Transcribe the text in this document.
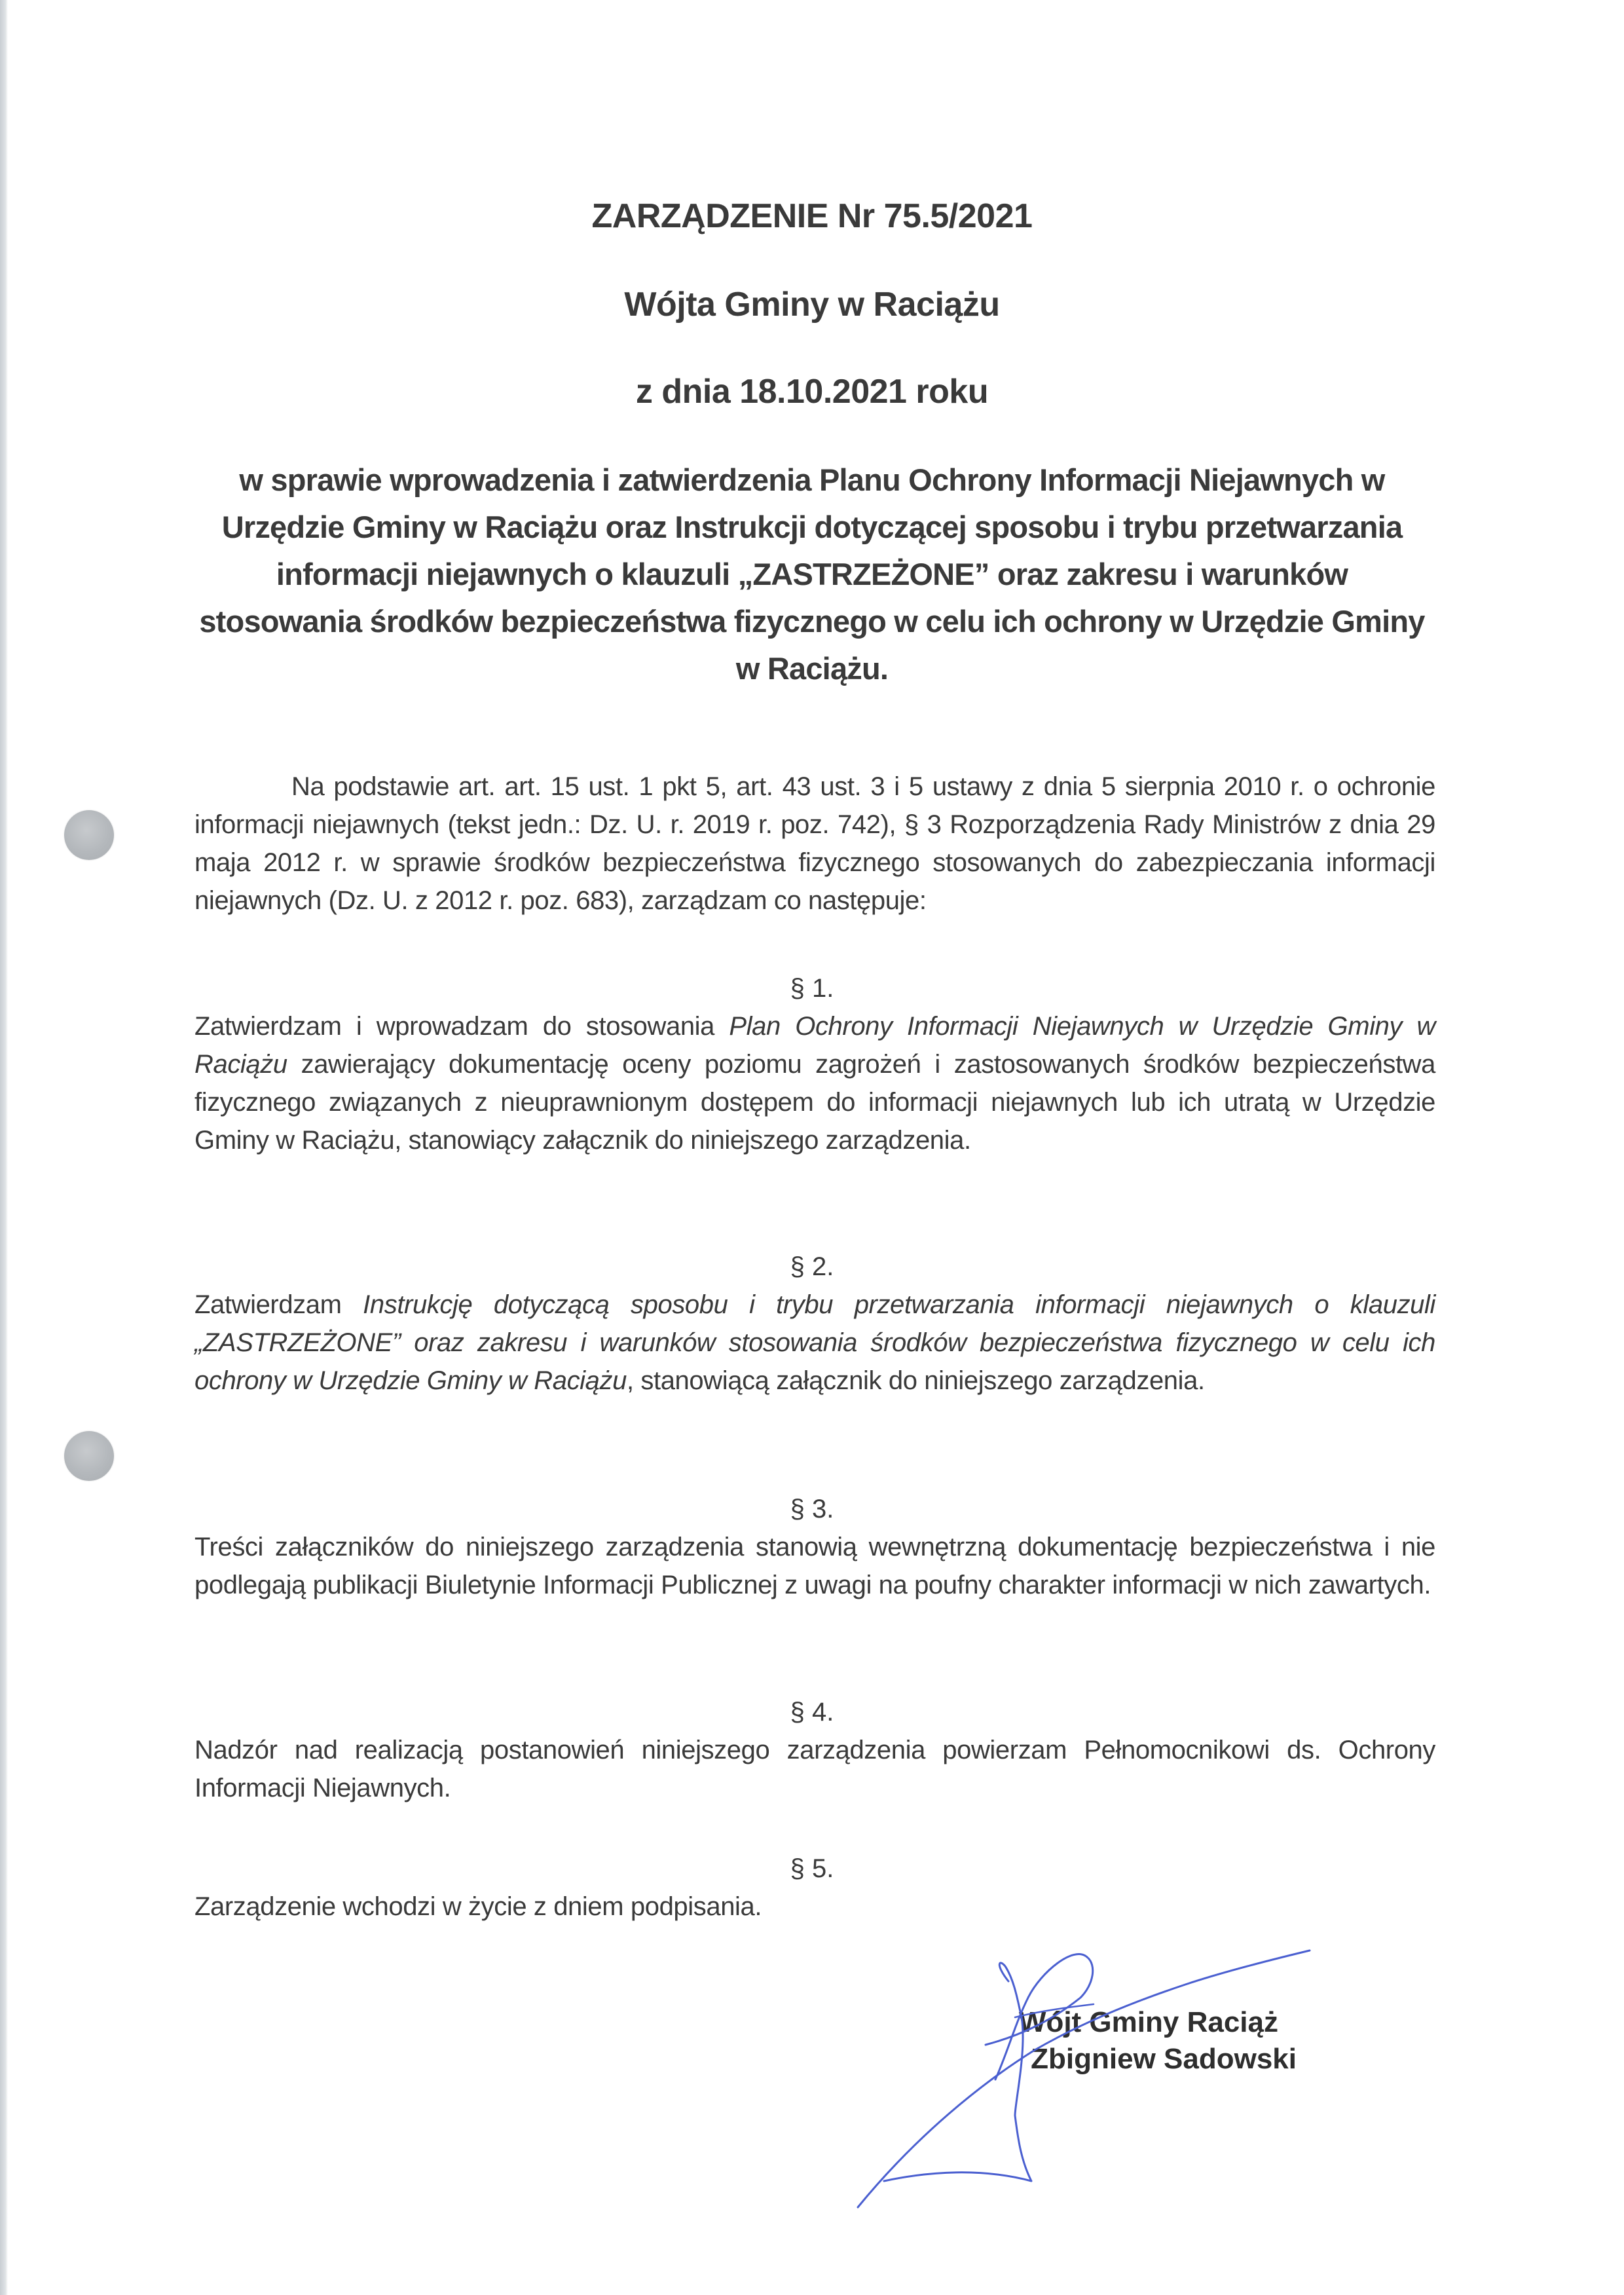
ZARZĄDZENIE Nr 75.5/2021
Wójta Gminy w Raciążu
z dnia 18.10.2021 roku
w sprawie wprowadzenia i zatwierdzenia Planu Ochrony Informacji Niejawnych w Urzędzie Gminy w Raciążu oraz Instrukcji dotyczącej sposobu i trybu przetwarzania informacji niejawnych o klauzuli „ZASTRZEŻONE” oraz zakresu i warunków stosowania środków bezpieczeństwa fizycznego w celu ich ochrony w Urzędzie Gminy w Raciążu.
Na podstawie art. art. 15 ust. 1 pkt 5, art. 43 ust. 3 i 5 ustawy z dnia 5 sierpnia 2010 r. o ochronie informacji niejawnych (tekst jedn.: Dz. U. r. 2019 r. poz. 742), § 3 Rozporządzenia Rady Ministrów z dnia 29 maja 2012 r. w sprawie środków bezpieczeństwa fizycznego stosowanych do zabezpieczania informacji niejawnych (Dz. U. z 2012 r. poz. 683), zarządzam co następuje:
§ 1.
Zatwierdzam i wprowadzam do stosowania Plan Ochrony Informacji Niejawnych w Urzędzie Gminy w Raciążu zawierający dokumentację oceny poziomu zagrożeń i zastosowanych środków bezpieczeństwa fizycznego związanych z nieuprawnionym dostępem do informacji niejawnych lub ich utratą w Urzędzie Gminy w Raciążu, stanowiący załącznik do niniejszego zarządzenia.
§ 2.
Zatwierdzam Instrukcję dotyczącą sposobu i trybu przetwarzania informacji niejawnych o klauzuli „ZASTRZEŻONE” oraz zakresu i warunków stosowania środków bezpieczeństwa fizycznego w celu ich ochrony w Urzędzie Gminy w Raciążu, stanowiącą załącznik do niniejszego zarządzenia.
§ 3.
Treści załączników do niniejszego zarządzenia stanowią wewnętrzną dokumentację bezpieczeństwa i nie podlegają publikacji Biuletynie Informacji Publicznej z uwagi na poufny charakter informacji w nich zawartych.
§ 4.
Nadzór nad realizacją postanowień niniejszego zarządzenia powierzam Pełnomocnikowi ds. Ochrony Informacji Niejawnych.
§ 5.
Zarządzenie wchodzi w życie z dniem podpisania.
Wójt Gminy Raciąż
Zbigniew Sadowski
